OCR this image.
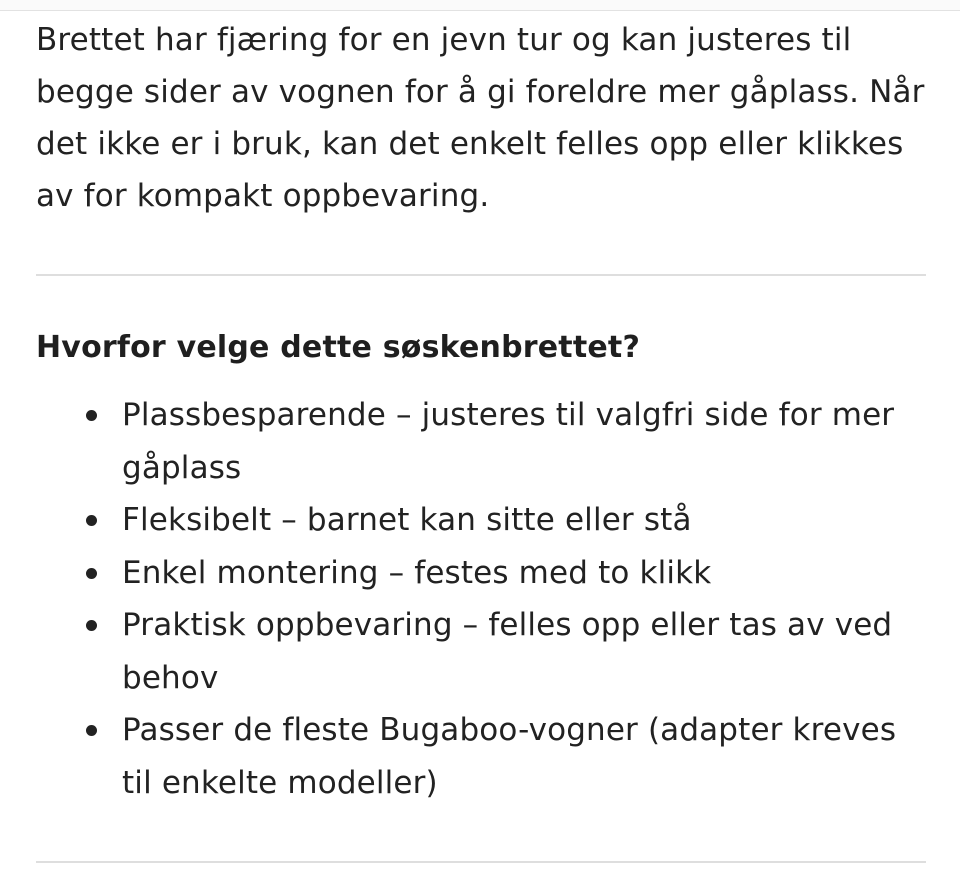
Brettet har fjæring for en jevn tur og kan justeres til begge sider av vognen for å gi foreldre mer gåplass. Når det ikke er i bruk, kan det enkelt felles opp eller klikkes av for kompakt oppbevaring.

Hvorfor velge dette søskenbrettet?
Plassbesparende – justeres til valgfri side for mer gåplass
Fleksibelt – barnet kan sitte eller stå
Enkel montering – festes med to klikk
Praktisk oppbevaring – felles opp eller tas av ved behov
Passer de fleste Bugaboo-vogner (adapter kreves til enkelte modeller)
